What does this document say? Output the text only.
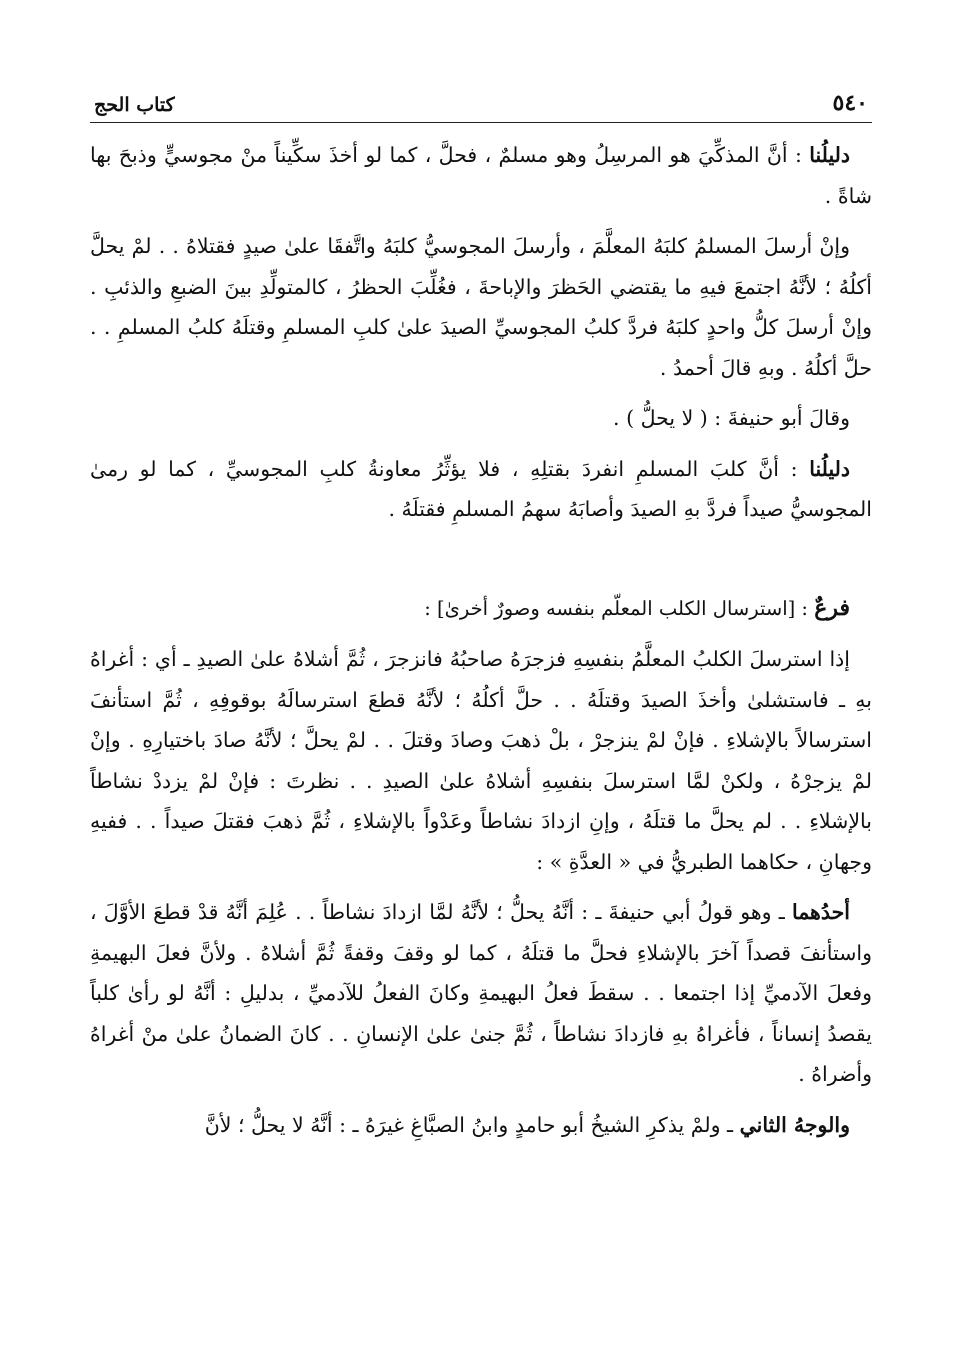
٥٤٠
كتاب الحج

دليلُنا : أنَّ المذكِّيَ هو المرسِلُ وهو مسلمٌ ، فحلَّ ، كما لو أخذَ سكِّيناً منْ مجوسيٍّ وذبحَ بها شاةً .

وإنْ أرسلَ المسلمُ كلبَهُ المعلَّمَ ، وأرسلَ المجوسيُّ كلبَهُ واتَّفقَا علىٰ صيدٍ فقتلاهُ . . لمْ يحلَّ أكلُهُ ؛ لأنَّهُ اجتمعَ فيهِ ما يقتضي الحَظرَ والإباحةَ ، فغُلِّبَ الحظرُ ، كالمتولِّدِ بينَ الضبعِ والذئبِ . وإنْ أرسلَ كلُّ واحدٍ كلبَهُ فردَّ كلبُ المجوسيِّ الصيدَ علىٰ كلبِ المسلمِ وقتلَهُ كلبُ المسلمِ . . حلَّ أكلُهُ . وبهِ قالَ أحمدُ .

وقالَ أبو حنيفةَ : ( لا يحلُّ ) .

دليلُنا : أنَّ كلبَ المسلمِ انفردَ بقتلِهِ ، فلا يؤثِّرُ معاونةُ كلبِ المجوسيِّ ، كما لو رمىٰ المجوسيُّ صيداً فردَّ بهِ الصيدَ وأصابَهُ سهمُ المسلمِ فقتلَهُ .

فرعٌ : [استرسال الكلب المعلّم بنفسه وصورٌ أخرىٰ] :

إذا استرسلَ الكلبُ المعلَّمُ بنفسِهِ فزجرَهُ صاحبُهُ فانزجرَ ، ثُمَّ أشلاهُ علىٰ الصيدِ ـ أي : أغراهُ بهِ ـ فاستشلىٰ وأخذَ الصيدَ وقتلَهُ . . حلَّ أكلُهُ ؛ لأنَّهُ قطعَ استرسالَهُ بوقوفِهِ ، ثُمَّ استأنفَ استرسالاً بالإشلاءِ . فإنْ لمْ ينزجرْ ، بلْ ذهبَ وصادَ وقتلَ . . لمْ يحلَّ ؛ لأنَّهُ صادَ باختيارِهِ . وإنْ لمْ يزجرْهُ ، ولكنْ لمَّا استرسلَ بنفسِهِ أشلاهُ علىٰ الصيدِ . . نظرتَ : فإنْ لمْ يزددْ نشاطاً بالإشلاءِ . . لم يحلَّ ما قتلَهُ ، وإنِ ازدادَ نشاطاً وعَدْواً بالإشلاءِ ، ثُمَّ ذهبَ فقتلَ صيداً . . ففيهِ وجهانِ ، حكاهما الطبريُّ في « العدَّةِ » :

أحدُهما ـ وهو قولُ أبي حنيفةَ ـ : أنَّهُ يحلُّ ؛ لأنَّهُ لمَّا ازدادَ نشاطاً . . عُلِمَ أنَّهُ قدْ قطعَ الأوَّلَ ، واستأنفَ قصداً آخرَ بالإشلاءِ فحلَّ ما قتلَهُ ، كما لو وقفَ وقفةً ثُمَّ أشلاهُ . ولأنَّ فعلَ البهيمةِ وفعلَ الآدميِّ إذا اجتمعا . . سقطَ فعلُ البهيمةِ وكانَ الفعلُ للآدميِّ ، بدليلِ : أنَّهُ لو رأىٰ كلباً يقصدُ إنساناً ، فأغراهُ بهِ فازدادَ نشاطاً ، ثُمَّ جنىٰ علىٰ الإنسانِ . . كانَ الضمانُ علىٰ منْ أغراهُ وأضراهُ .

والوجهُ الثاني ـ ولمْ يذكرِ الشيخُ أبو حامدٍ وابنُ الصبَّاغِ غيرَهُ ـ : أنَّهُ لا يحلُّ ؛ لأنَّ
